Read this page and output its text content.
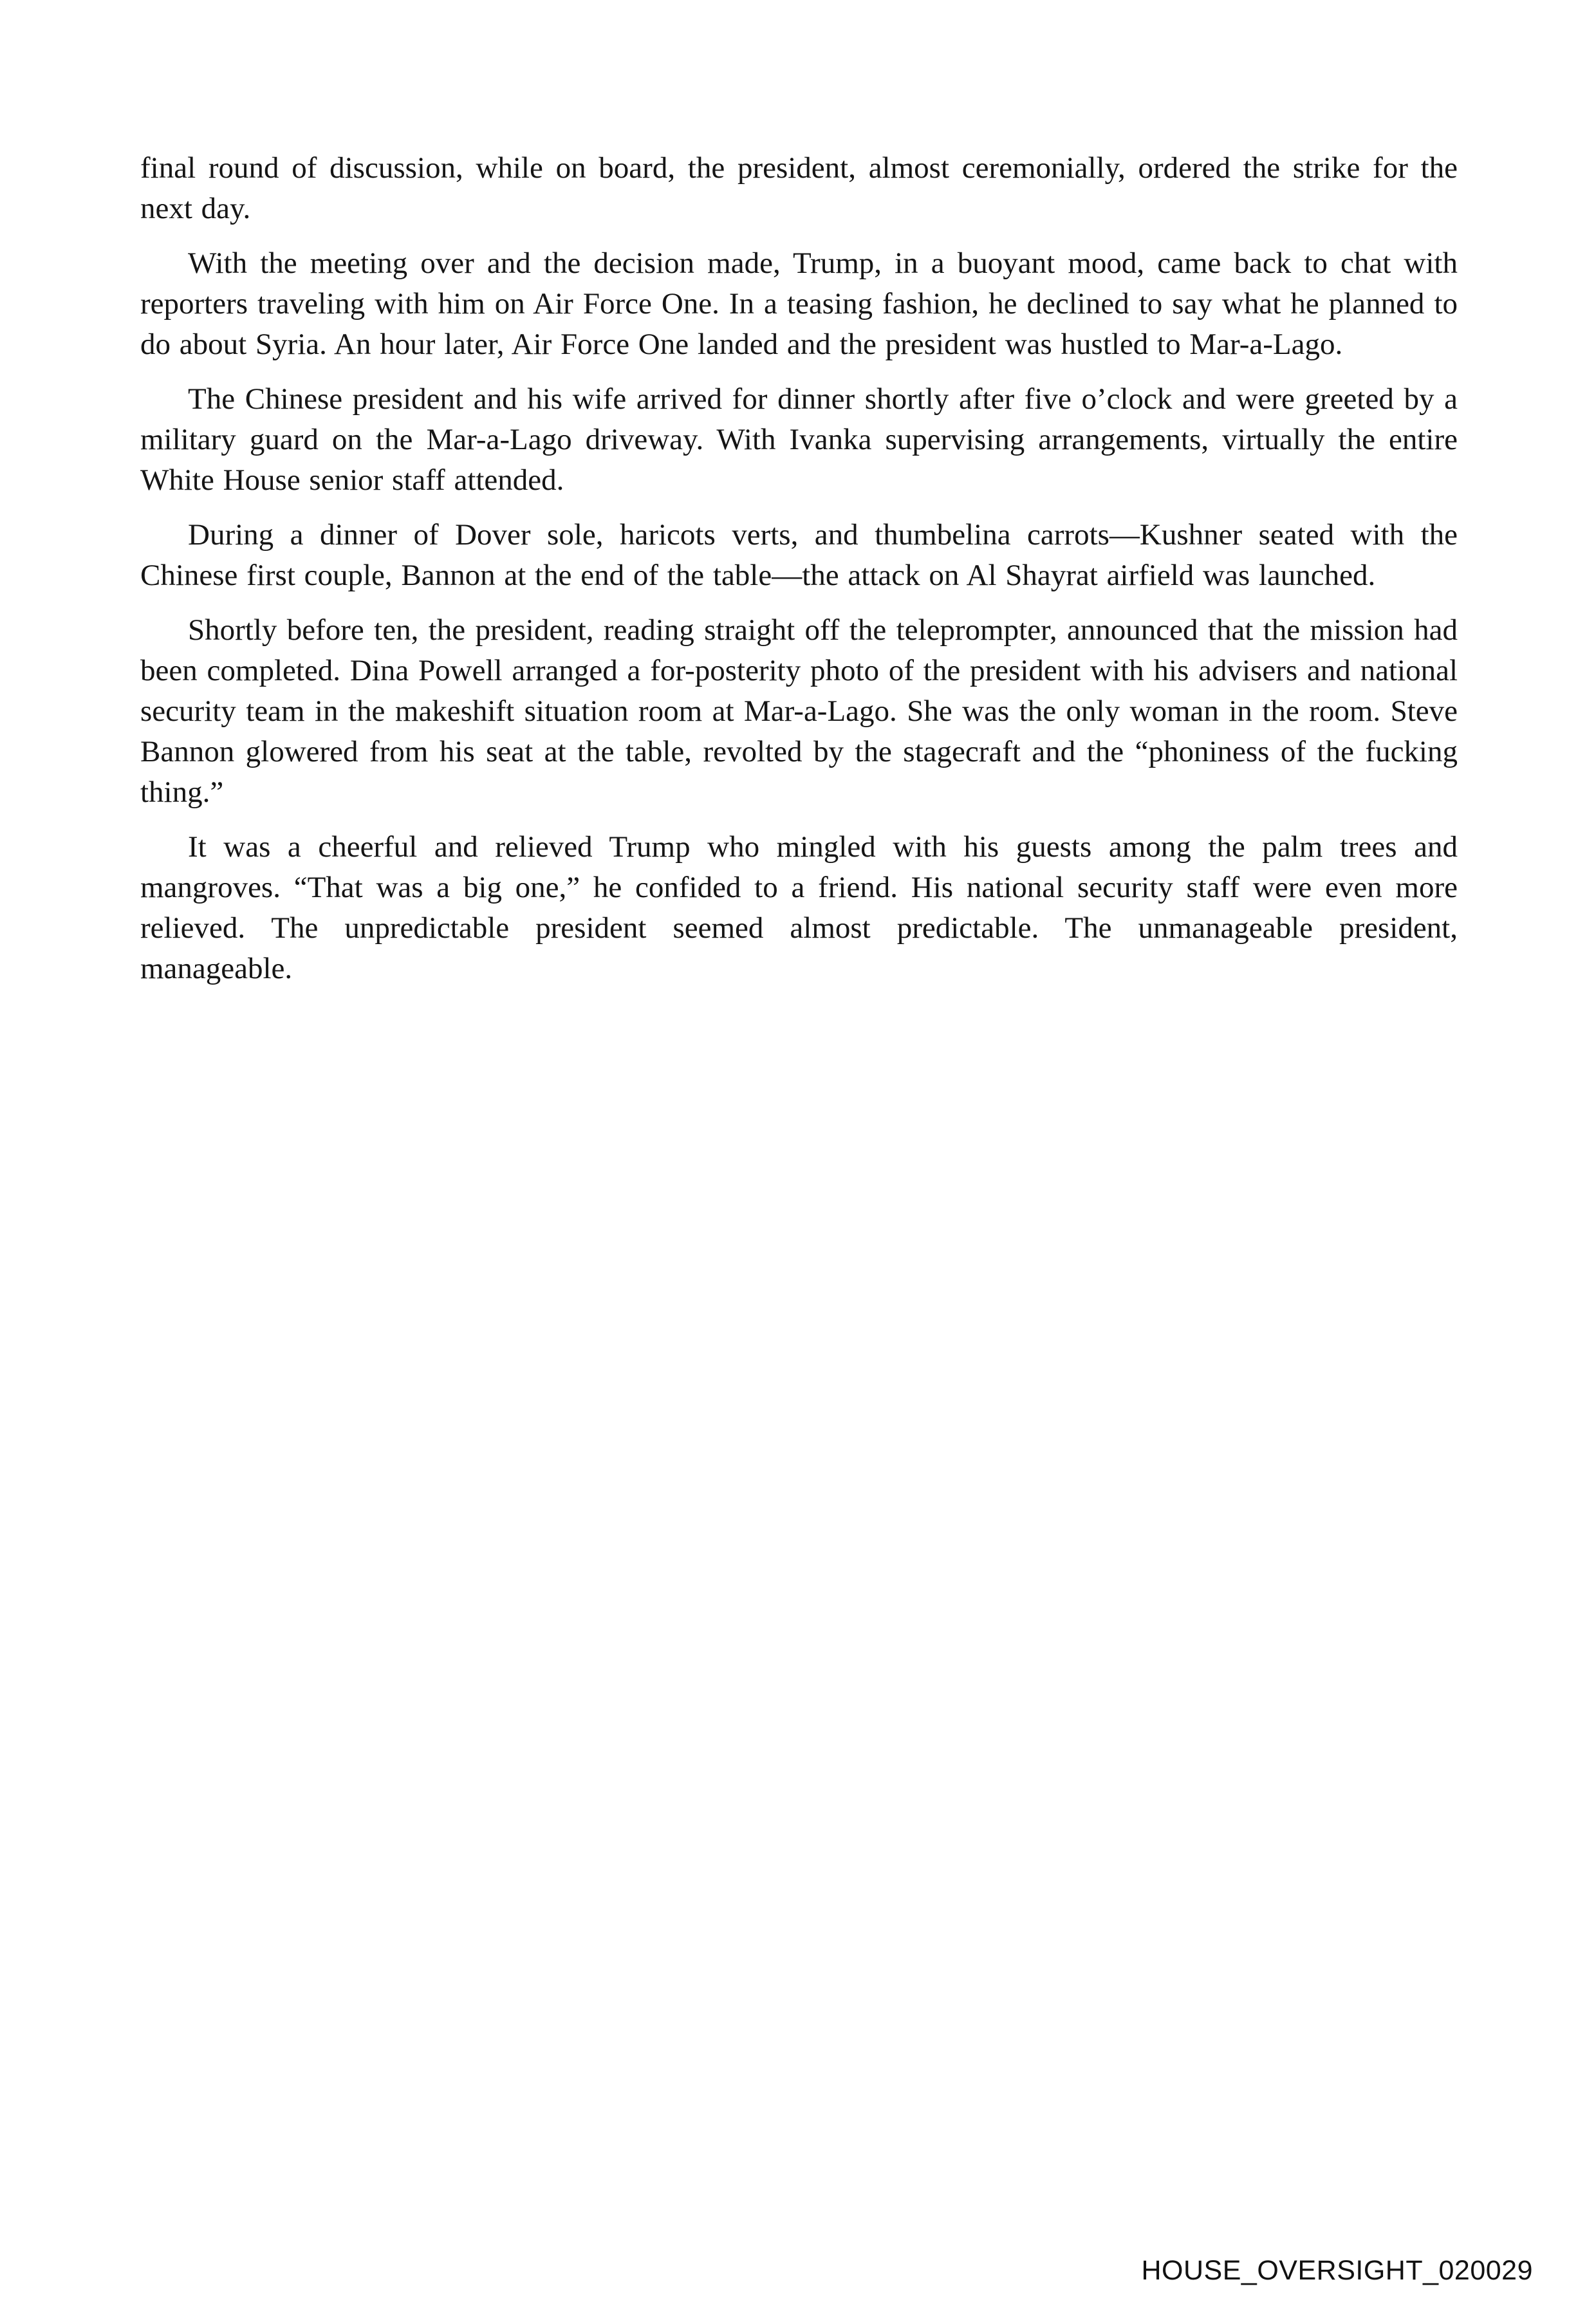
final round of discussion, while on board, the president, almost ceremonially, ordered the strike for the next day.

With the meeting over and the decision made, Trump, in a buoyant mood, came back to chat with reporters traveling with him on Air Force One. In a teasing fashion, he declined to say what he planned to do about Syria. An hour later, Air Force One landed and the president was hustled to Mar-a-Lago.

The Chinese president and his wife arrived for dinner shortly after five o’clock and were greeted by a military guard on the Mar-a-Lago driveway. With Ivanka supervising arrangements, virtually the entire White House senior staff attended.

During a dinner of Dover sole, haricots verts, and thumbelina carrots—Kushner seated with the Chinese first couple, Bannon at the end of the table—the attack on Al Shayrat airfield was launched.

Shortly before ten, the president, reading straight off the teleprompter, announced that the mission had been completed. Dina Powell arranged a for-posterity photo of the president with his advisers and national security team in the makeshift situation room at Mar-a-Lago. She was the only woman in the room. Steve Bannon glowered from his seat at the table, revolted by the stagecraft and the “phoniness of the fucking thing.”

It was a cheerful and relieved Trump who mingled with his guests among the palm trees and mangroves. “That was a big one,” he confided to a friend. His national security staff were even more relieved. The unpredictable president seemed almost predictable. The unmanageable president, manageable.

HOUSE_OVERSIGHT_020029
